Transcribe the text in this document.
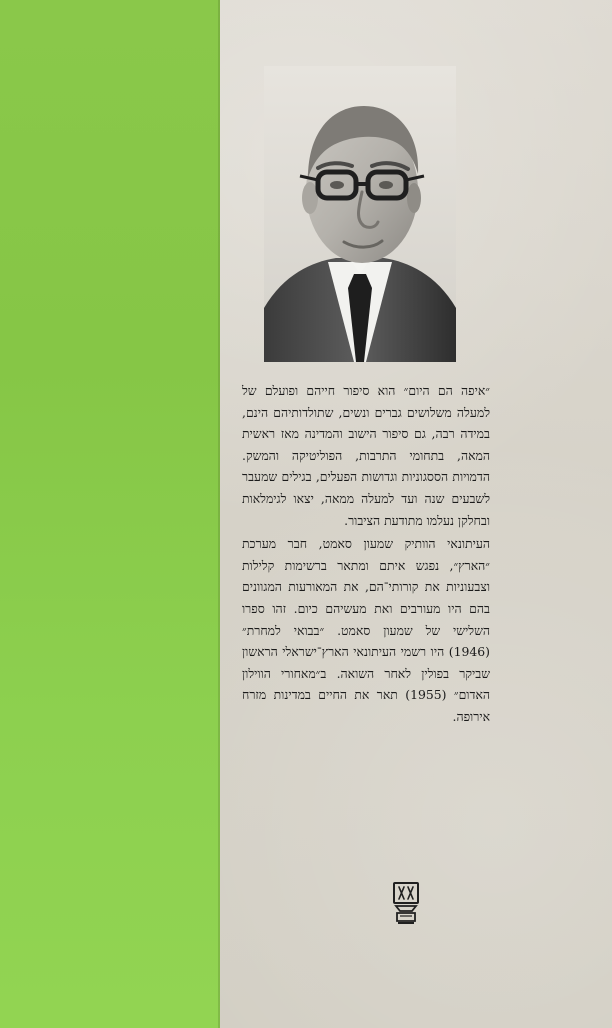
״איפה הם היום״ הוא סיפור חייהם ופועלם של למעלה משלושים גברים ונשים, שתולדותיהם הינם, במידה רבה, גם סיפור הישוב והמדינה מאז ראשית המאה, בתחומי התרבות, הפוליטיקה והמשק. הדמויות הססגוניות וגדושות הפעלים, בגילים שמעבר לשבעים שנה ועד למעלה ממאה, יצאו לגימלאות ובחלקן נעלמו מתודעת הציבור.

העיתונאי הוותיק שמעון סאמט, חבר מערכת ״הארץ״, נפגש איתם ומתאר ברשימות קלילות וצבעוניות את קורותי־הם, את המאורעות המגוונים בהם היו מעורבים ואת מעשיהם כיום. זהו ספרו השלישי של שמעון סאמט. ״בבואי למחרת״ (1946) היו רשמי העיתונאי הארץ־ישראלי הראשון שביקר בפולין לאחר השואה. ב״מאחורי הווילון האדום״ (1955) תאר את החיים במדינות מזרח אירופה.
